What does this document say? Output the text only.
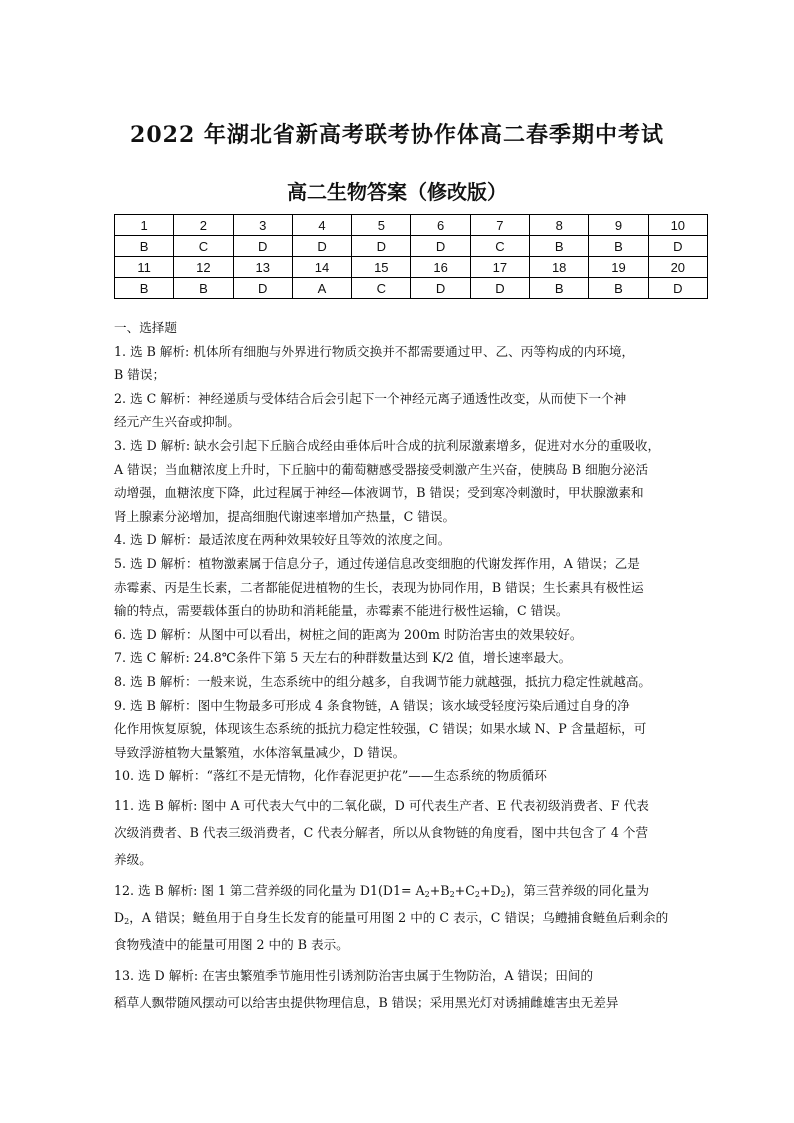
2022 年湖北省新高考联考协作体高二春季期中考试
高二生物答案（修改版）
1	2	3	4	5	6	7	8	9	10
B	C	D	D	D	D	C	B	B	D
11	12	13	14	15	16	17	18	19	20
B	B	D	A	C	D	D	B	B	D

一、选择题

1. 选 B 解析: 机体所有细胞与外界进行物质交换并不都需要通过甲、乙、丙等构成的内环境，

B 错误；

2. 选 C 解析：神经递质与受体结合后会引起下一个神经元离子通透性改变，从而使下一个神

经元产生兴奋或抑制。

3. 选 D 解析: 缺水会引起下丘脑合成经由垂体后叶合成的抗利尿激素增多，促进对水分的重吸收，

A 错误；当血糖浓度上升时，下丘脑中的葡萄糖感受器接受刺激产生兴奋，使胰岛 B 细胞分泌活

动增强，血糖浓度下降，此过程属于神经—体液调节，B 错误；受到寒冷刺激时，甲状腺激素和

肾上腺素分泌增加，提高细胞代谢速率增加产热量，C 错误。

4. 选 D 解析：最适浓度在两种效果较好且等效的浓度之间。

5. 选 D 解析：植物激素属于信息分子，通过传递信息改变细胞的代谢发挥作用，A 错误；乙是

赤霉素、丙是生长素，二者都能促进植物的生长，表现为协同作用，B 错误；生长素具有极性运

输的特点，需要载体蛋白的协助和消耗能量，赤霉素不能进行极性运输，C 错误。

6. 选 D 解析：从图中可以看出，树桩之间的距离为 200m 时防治害虫的效果较好。

7. 选 C 解析: 24.8℃条件下第 5 天左右的种群数量达到 K/2 值，增长速率最大。

8. 选 B 解析：一般来说，生态系统中的组分越多，自我调节能力就越强，抵抗力稳定性就越高。

9. 选 B 解析：图中生物最多可形成 4 条食物链，A 错误；该水域受轻度污染后通过自身的净

化作用恢复原貌，体现该生态系统的抵抗力稳定性较强，C 错误；如果水域 N、P 含量超标，可

导致浮游植物大量繁殖，水体溶氧量减少，D 错误。

10. 选 D 解析：“落红不是无情物，化作春泥更护花”——生态系统的物质循环

11. 选 B 解析: 图中 A 可代表大气中的二氧化碳，D 可代表生产者、E 代表初级消费者、F 代表

次级消费者、B 代表三级消费者，C 代表分解者，所以从食物链的角度看，图中共包含了 4 个营

养级。

12. 选 B 解析: 图 1 第二营养级的同化量为 $D1(D1= A_2+B_2+C_2+D_2)$，第三营养级的同化量为

$D_2$，A 错误；鲢鱼用于自身生长发育的能量可用图 2 中的 C 表示，C 错误；乌鳢捕食鲢鱼后剩余的

食物残渣中的能量可用图 2 中的 B 表示。

13. 选 D 解析: 在害虫繁殖季节施用性引诱剂防治害虫属于生物防治，A 错误；田间的

稻草人飘带随风摆动可以给害虫提供物理信息，B 错误；采用黑光灯对诱捕雌雄害虫无差异
